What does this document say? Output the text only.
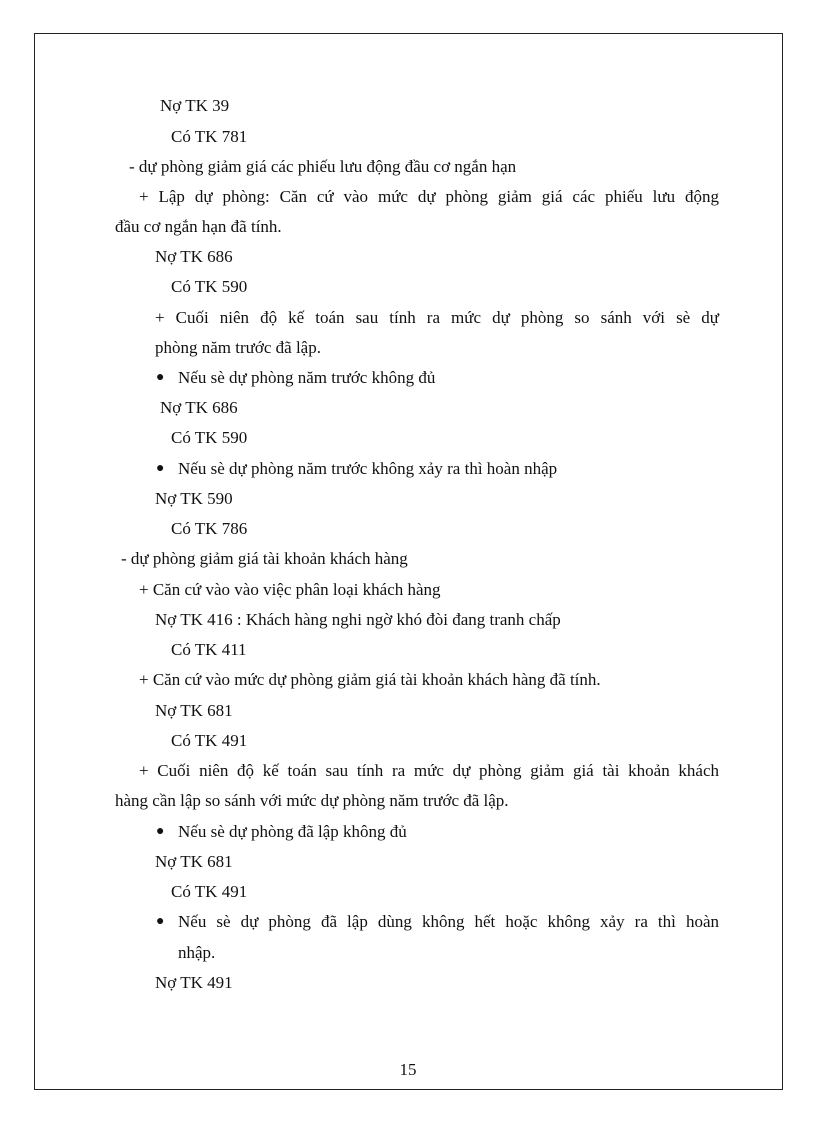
Nợ TK 39
Có TK 781
- dự phòng giảm giá các phiếu lưu động đầu cơ ngắn hạn
+ Lập dự phòng: Căn cứ vào mức dự phòng giảm giá các phiếu lưu động
đầu cơ ngắn hạn đã tính.
Nợ TK 686
Có TK 590
+ Cuối niên độ kế toán sau tính ra mức dự phòng so sánh với sè dự
phòng năm trước đã lập.
● Nếu sè dự phòng năm trước không đủ
Nợ TK 686
Có TK 590
● Nếu sè dự phòng năm trước không xảy ra thì hoàn nhập
Nợ TK 590
Có TK 786
- dự phòng giảm giá tài khoản khách hàng
+ Căn cứ vào vào việc phân loại khách hàng
Nợ TK 416 : Khách hàng nghi ngờ khó đòi đang tranh chấp
Có TK 411
+ Căn cứ vào mức dự phòng giảm giá tài khoản khách hàng đã tính.
Nợ TK 681
Có TK 491
+ Cuối niên độ kế toán sau tính ra mức dự phòng giảm giá tài khoản khách
hàng cần lập so sánh với mức dự phòng năm trước đã lập.
● Nếu sè dự phòng đã lập không đủ
Nợ TK 681
Có TK 491
● Nếu sè dự phòng đã lập dùng không hết hoặc không xảy ra thì hoàn
nhập.
Nợ TK 491
15
